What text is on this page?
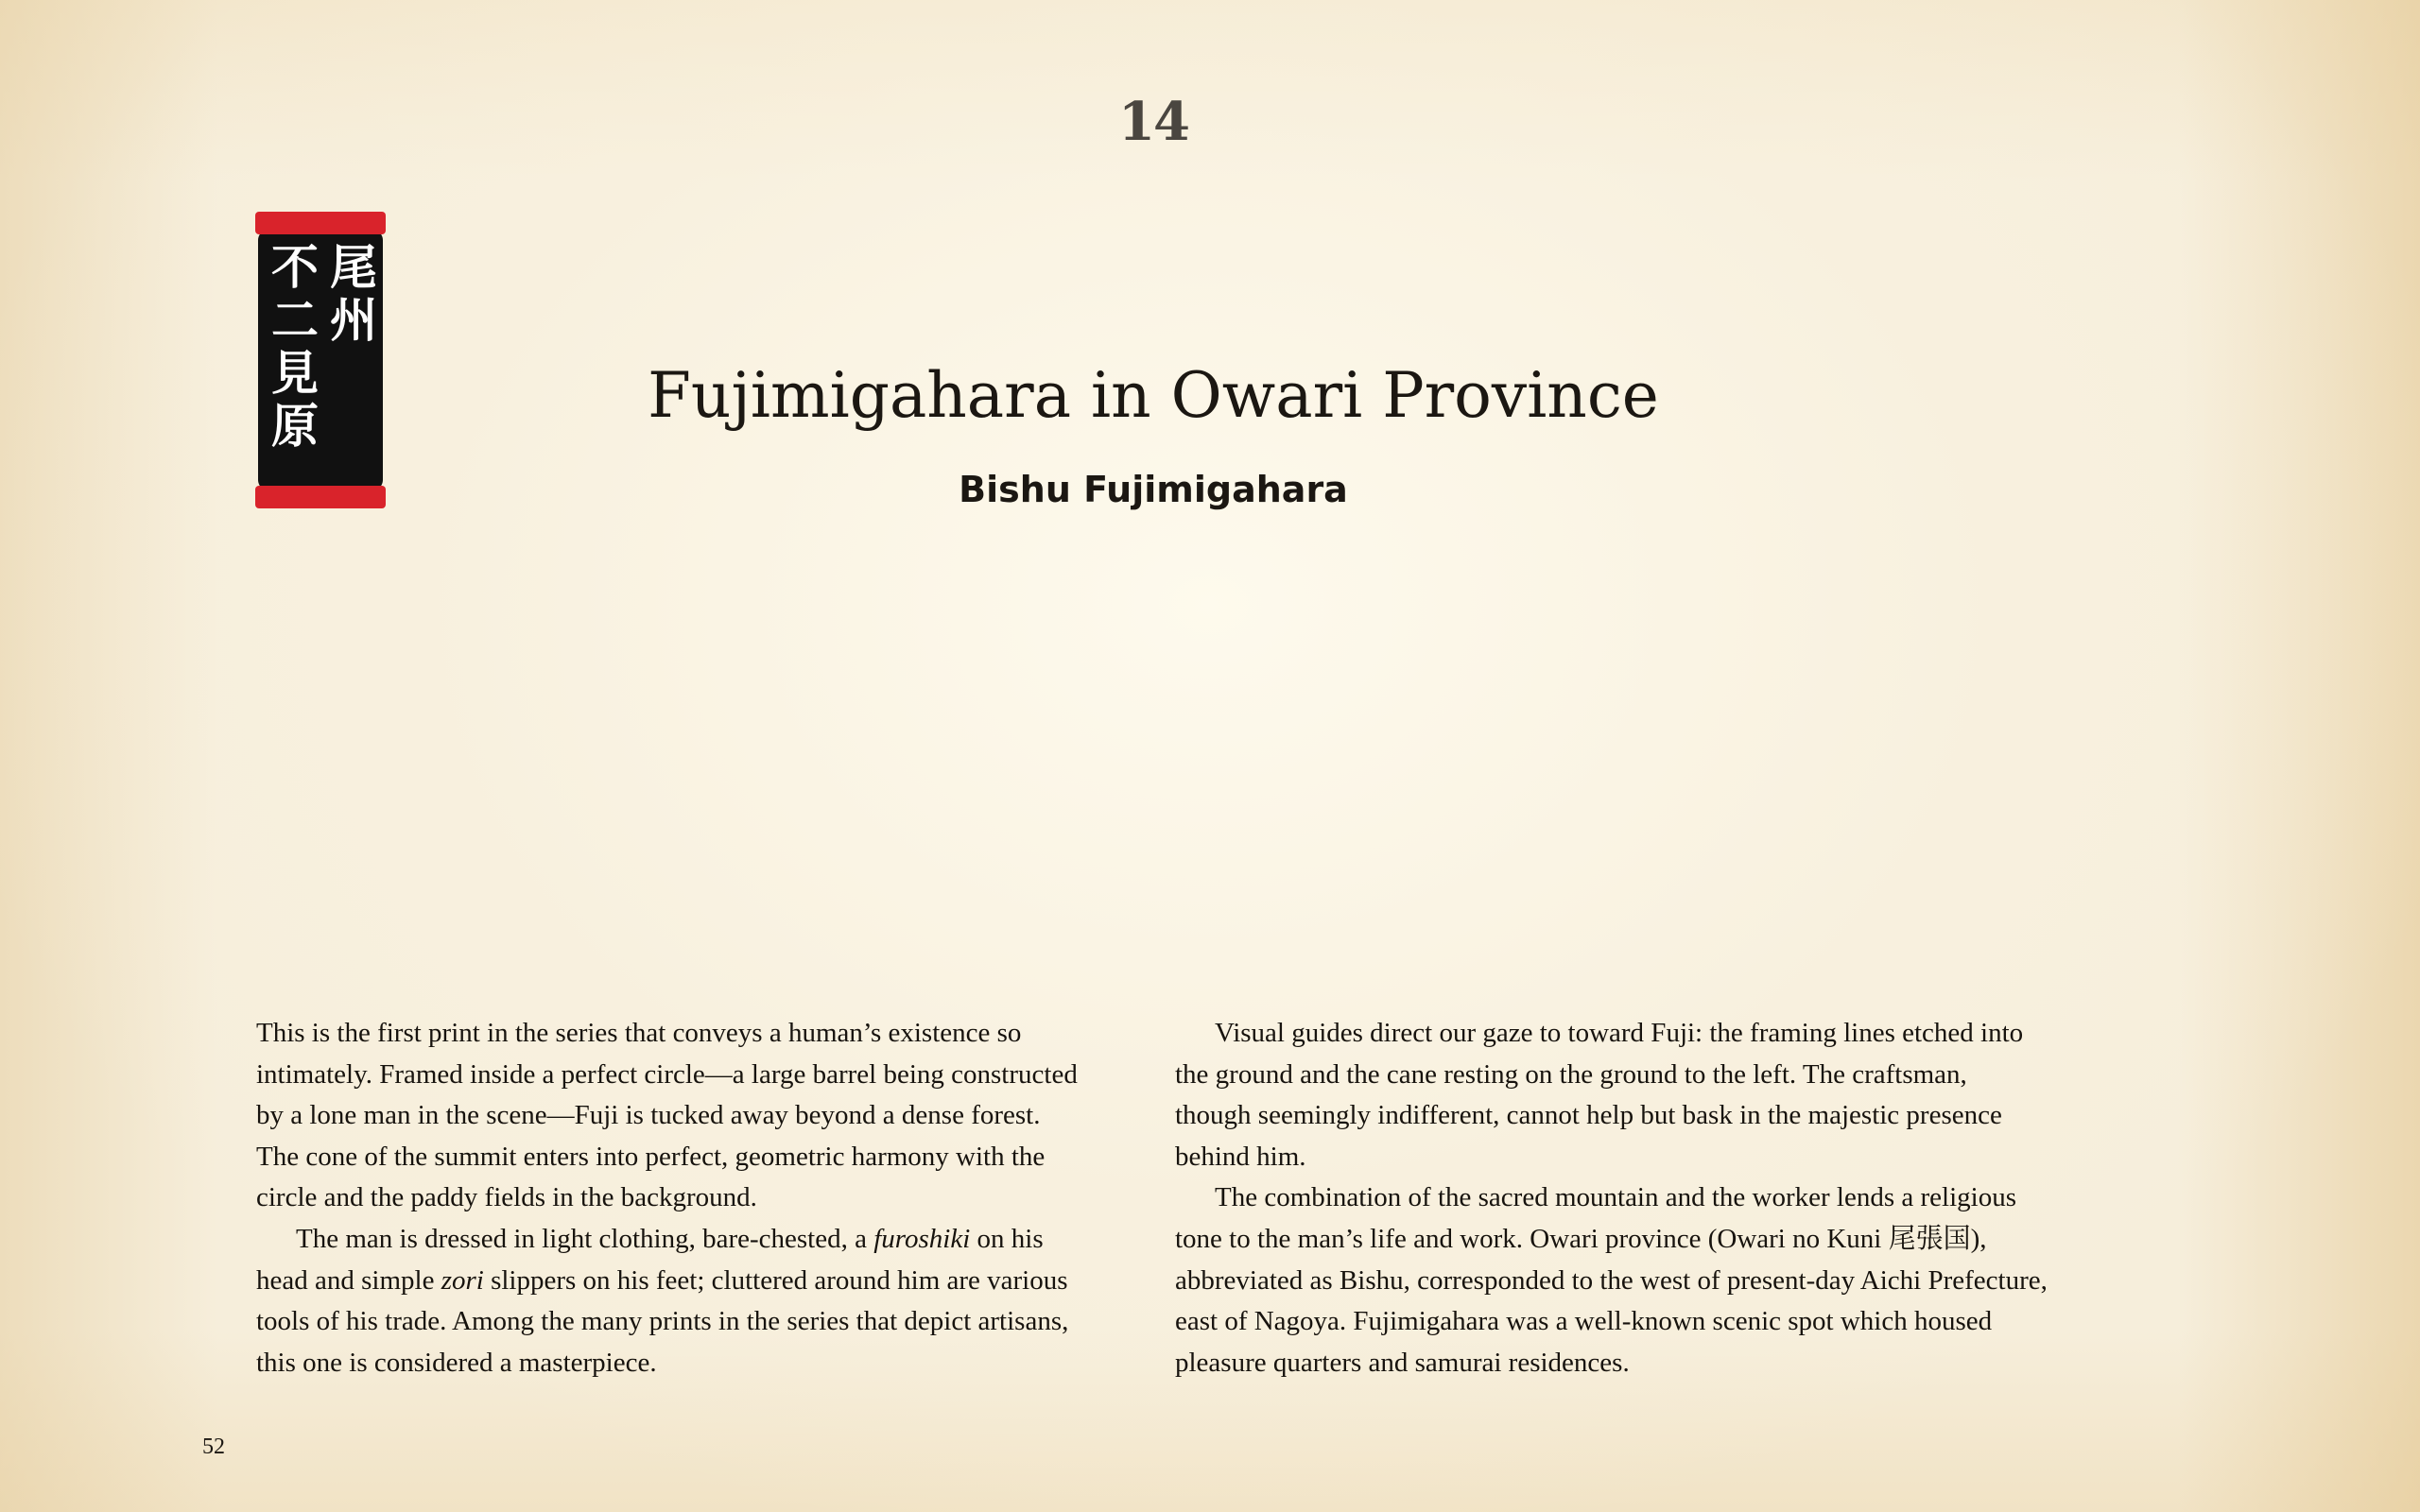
14
尾州
不二見原	Fujimigahara in Owari Province
Bishu Fujimigahara

This is the first print in the series that conveys a human’s existence so intimately. Framed inside a perfect circle—a large barrel being constructed by a lone man in the scene—Fuji is tucked away beyond a dense forest. The cone of the summit enters into perfect, geometric harmony with the circle and the paddy fields in the background.

The man is dressed in light clothing, bare-chested, a furoshiki on his head and simple zori slippers on his feet; cluttered around him are various tools of his trade. Among the many prints in the series that depict artisans, this one is considered a masterpiece.

Visual guides direct our gaze to toward Fuji: the framing lines etched into the ground and the cane resting on the ground to the left. The craftsman, though seemingly indifferent, cannot help but bask in the majestic presence behind him.

The combination of the sacred mountain and the worker lends a religious tone to the man’s life and work. Owari province (Owari no Kuni 尾張国), abbreviated as Bishu, corresponded to the west of present-day Aichi Prefecture, east of Nagoya. Fujimigahara was a well-known scenic spot which housed pleasure quarters and samurai residences.

52
